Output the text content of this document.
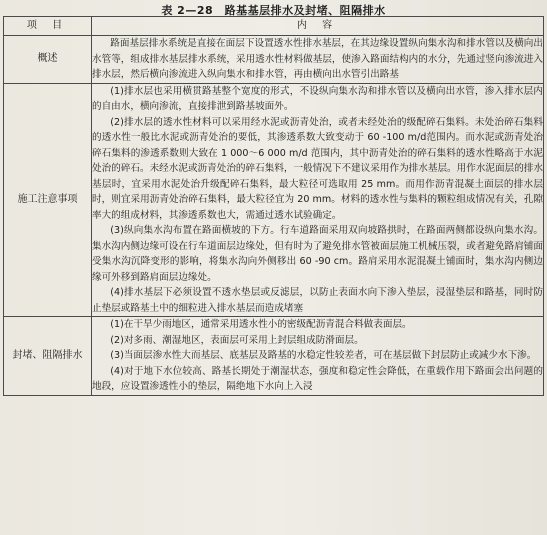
表 2—28　路基基层排水及封堵、阻隔排水
项 目	内 容
概述	路面基层排水系统是直接在面层下设置透水性排水基层，在其边缘设置纵向集水沟和排水管以及横向出水管等，组成排水基层排水系统，采用透水性材料做基层，使渗入路面结构内的水分，先通过竖向渗流进入排水层，然后横向渗流进入纵向集水和排水管，再由横向出水管引出路基

施工注意事项	(1)排水层也采用横贯路基整个宽度的形式，不设纵向集水沟和排水管以及横向出水管，渗入排水层内的自由水，横向渗流，直接排泄到路基坡面外。

(2)排水层的透水性材料可以采用经水泥或沥青处治，或者未经处治的级配碎石集料。未处治碎石集料的透水性一般比水泥或沥青处治的要低，其渗透系数大致变动于 60 -100 m/d范围内。而水泥或沥青处治碎石集料的渗透系数则大致在 1 000～6 000 m/d 范围内，其中沥青处治的碎石集料的透水性略高于水泥处治的碎石。未经水泥或沥青处治的碎石集料，一般情况下不建议采用作为排水基层。用作水泥面层的排水基层时，宜采用水泥处治升级配碎石集料，最大粒径可选取用 25 mm。而用作沥青混凝土面层的排水层时，则宜采用沥青处治碎石集料，最大粒径宜为 20 mm。材料的透水性与集料的颗粒组成情况有关，孔隙率大的组成材料，其渗透系数也大，需通过透水试验确定。

(3)纵向集水沟布置在路面横坡的下方。行车道路面采用双向坡路拱时，在路面两侧都设纵向集水沟。集水沟内侧边缘可设在行车道面层边缘处，但有时为了避免排水管被面层施工机械压裂，或者避免路肩铺面受集水沟沉降变形的影响，将集水沟向外侧移出 60 -90 cm。路肩采用水泥混凝土铺面时，集水沟内侧边缘可外移到路肩面层边缘处。

(4)排水基层下必须设置不透水垫层或反滤层，以防止表面水向下渗入垫层，浸湿垫层和路基，同时防止垫层或路基土中的细粒进入排水基层而造成堵塞

封堵、阻隔排水	(1)在干旱少雨地区，通常采用透水性小的密级配沥青混合料做表面层。

(2)对多雨、潮湿地区，表面层可采用上封层组成防滑面层。

(3)当面层渗水性大而基层、底基层及路基的水稳定性较差者，可在基层做下封层防止或减少水下渗。

(4)对于地下水位较高、路基长期处于潮湿状态，强度和稳定性会降低，在重载作用下路面会出问题的地段，应设置渗透性小的垫层，隔绝地下水向上入浸
